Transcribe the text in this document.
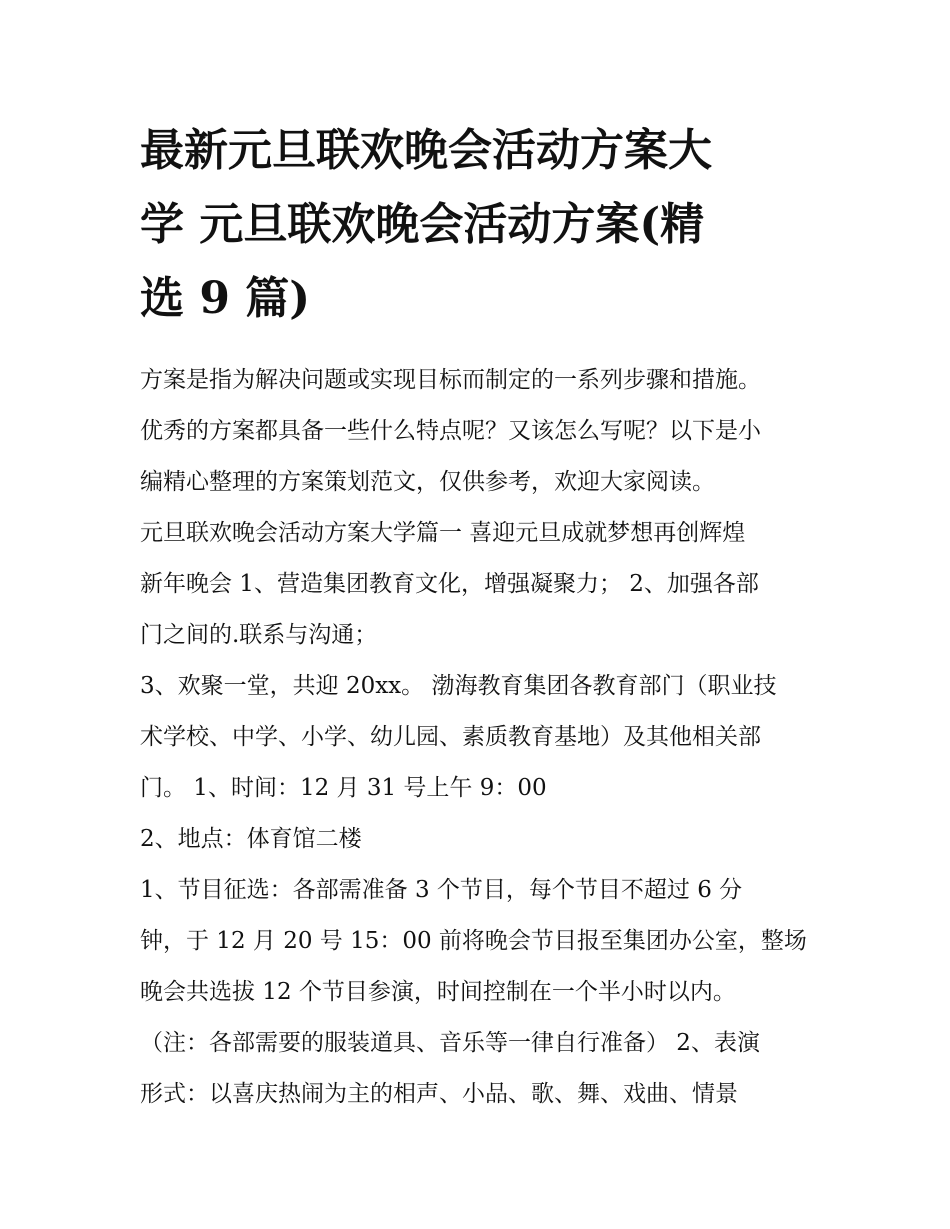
最新元旦联欢晚会活动方案大
学 元旦联欢晚会活动方案(精
选 9 篇)
方案是指为解决问题或实现目标而制定的一系列步骤和措施。
优秀的方案都具备一些什么特点呢？又该怎么写呢？以下是小
编精心整理的方案策划范文，仅供参考，欢迎大家阅读。
元旦联欢晚会活动方案大学篇一 喜迎元旦成就梦想再创辉煌
新年晚会 1、营造集团教育文化，增强凝聚力； 2、加强各部
门之间的.联系与沟通；
3、欢聚一堂，共迎 20xx。 渤海教育集团各教育部门（职业技
术学校、中学、小学、幼儿园、素质教育基地）及其他相关部
门。 1、时间：12 月 31 号上午 9：00
2、地点：体育馆二楼
1、节目征选：各部需准备 3 个节目，每个节目不超过 6 分
钟，于 12 月 20 号 15：00 前将晚会节目报至集团办公室，整场
晚会共选拔 12 个节目参演，时间控制在一个半小时以内。
（注：各部需要的服装道具、音乐等一律自行准备） 2、表演
形式：以喜庆热闹为主的相声、小品、歌、舞、戏曲、情景
